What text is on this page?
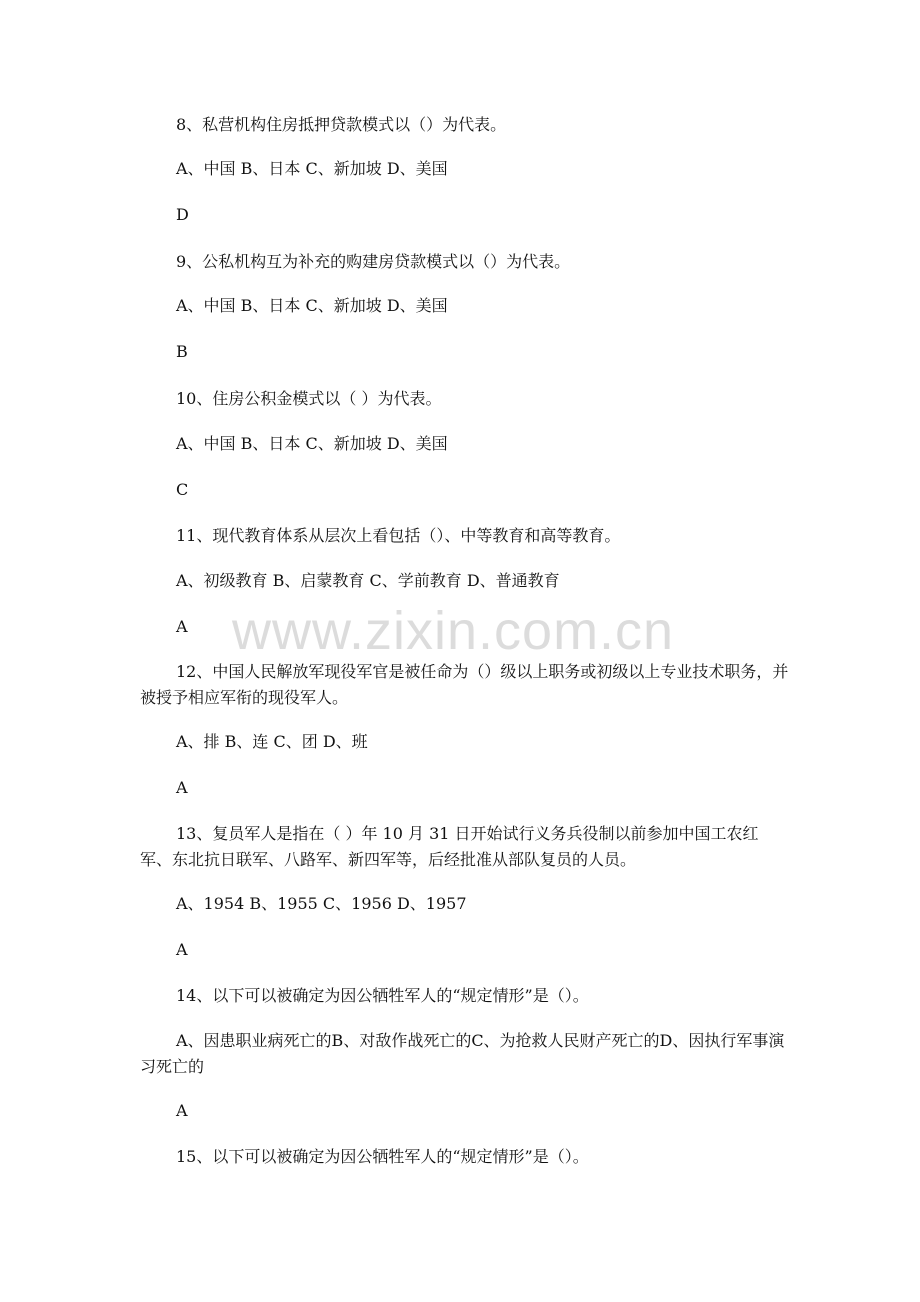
www.zixin.com.cn

8、私营机构住房抵押贷款模式以（）为代表。

A、中国 B、日本 C、新加坡 D、美国

D

9、公私机构互为补充的购建房贷款模式以（）为代表。

A、中国 B、日本 C、新加坡 D、美国

B

10、住房公积金模式以（ ）为代表。

A、中国 B、日本 C、新加坡 D、美国

C

11、现代教育体系从层次上看包括（）、中等教育和高等教育。

A、初级教育 B、启蒙教育 C、学前教育 D、普通教育

A

12、中国人民解放军现役军官是被任命为（）级以上职务或初级以上专业技术职务，并被授予相应军衔的现役军人。

A、排 B、连 C、团 D、班

A

13、复员军人是指在（ ）年 10 月 31 日开始试行义务兵役制以前参加中国工农红军、东北抗日联军、八路军、新四军等，后经批准从部队复员的人员。

A、1954 B、1955 C、1956 D、1957

A

14、以下可以被确定为因公牺牲军人的“规定情形”是（）。

A、因患职业病死亡的B、对敌作战死亡的C、为抢救人民财产死亡的D、因执行军事演习死亡的

A

15、以下可以被确定为因公牺牲军人的“规定情形”是（）。
